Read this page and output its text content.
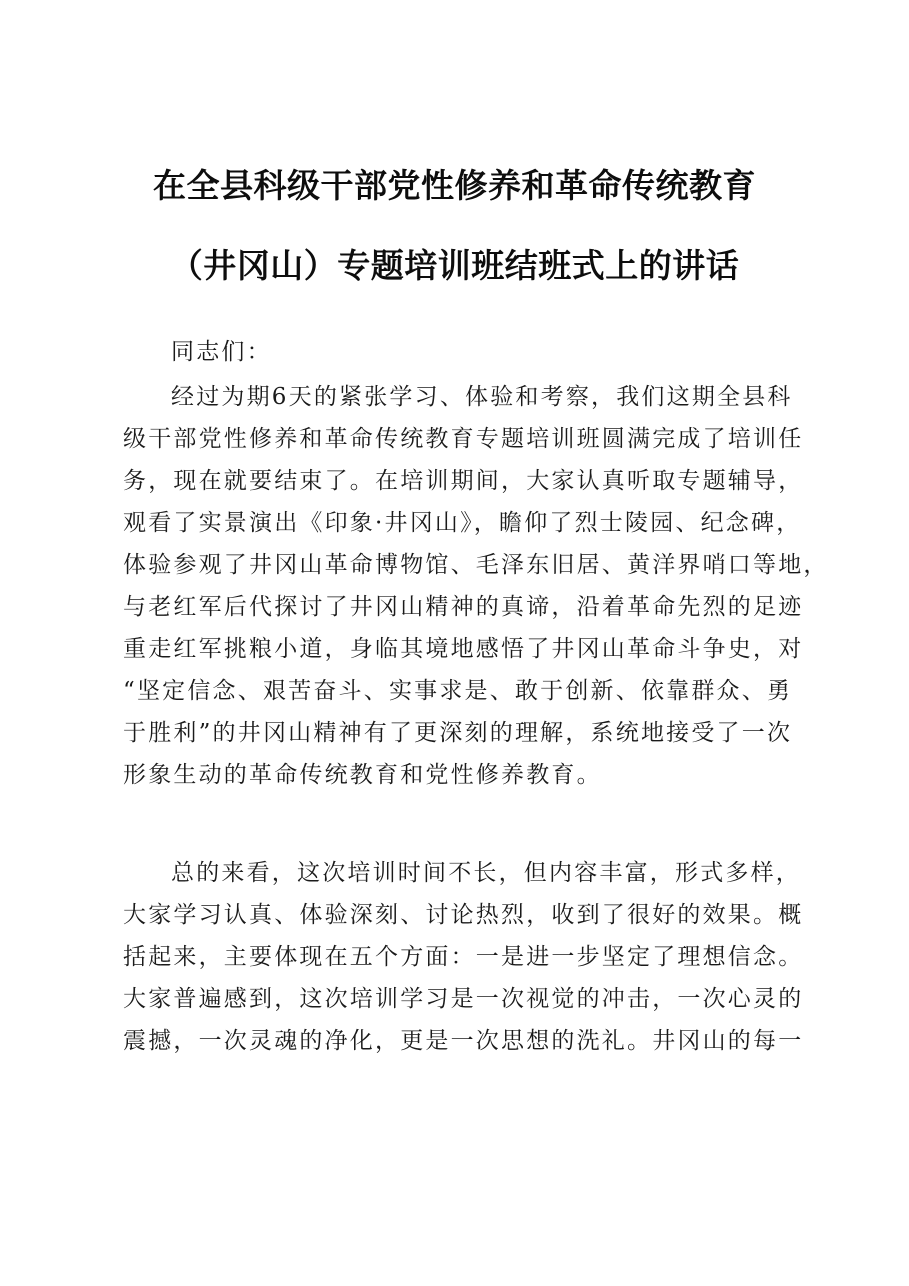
在全县科级干部党性修养和革命传统教育
（井冈山）专题培训班结班式上的讲话
同志们：
经过为期6天的紧张学习、体验和考察，我们这期全县科
级干部党性修养和革命传统教育专题培训班圆满完成了培训任
务，现在就要结束了。在培训期间，大家认真听取专题辅导，
观看了实景演出《印象·井冈山》，瞻仰了烈士陵园、纪念碑，
体验参观了井冈山革命博物馆、毛泽东旧居、黄洋界哨口等地，
与老红军后代探讨了井冈山精神的真谛，沿着革命先烈的足迹
重走红军挑粮小道，身临其境地感悟了井冈山革命斗争史，对
“坚定信念、艰苦奋斗、实事求是、敢于创新、依靠群众、勇
于胜利”的井冈山精神有了更深刻的理解，系统地接受了一次
形象生动的革命传统教育和党性修养教育。
总的来看，这次培训时间不长，但内容丰富，形式多样，
大家学习认真、体验深刻、讨论热烈，收到了很好的效果。概
括起来，主要体现在五个方面：一是进一步坚定了理想信念。
大家普遍感到，这次培训学习是一次视觉的冲击，一次心灵的
震撼，一次灵魂的净化，更是一次思想的洗礼。井冈山的每一
